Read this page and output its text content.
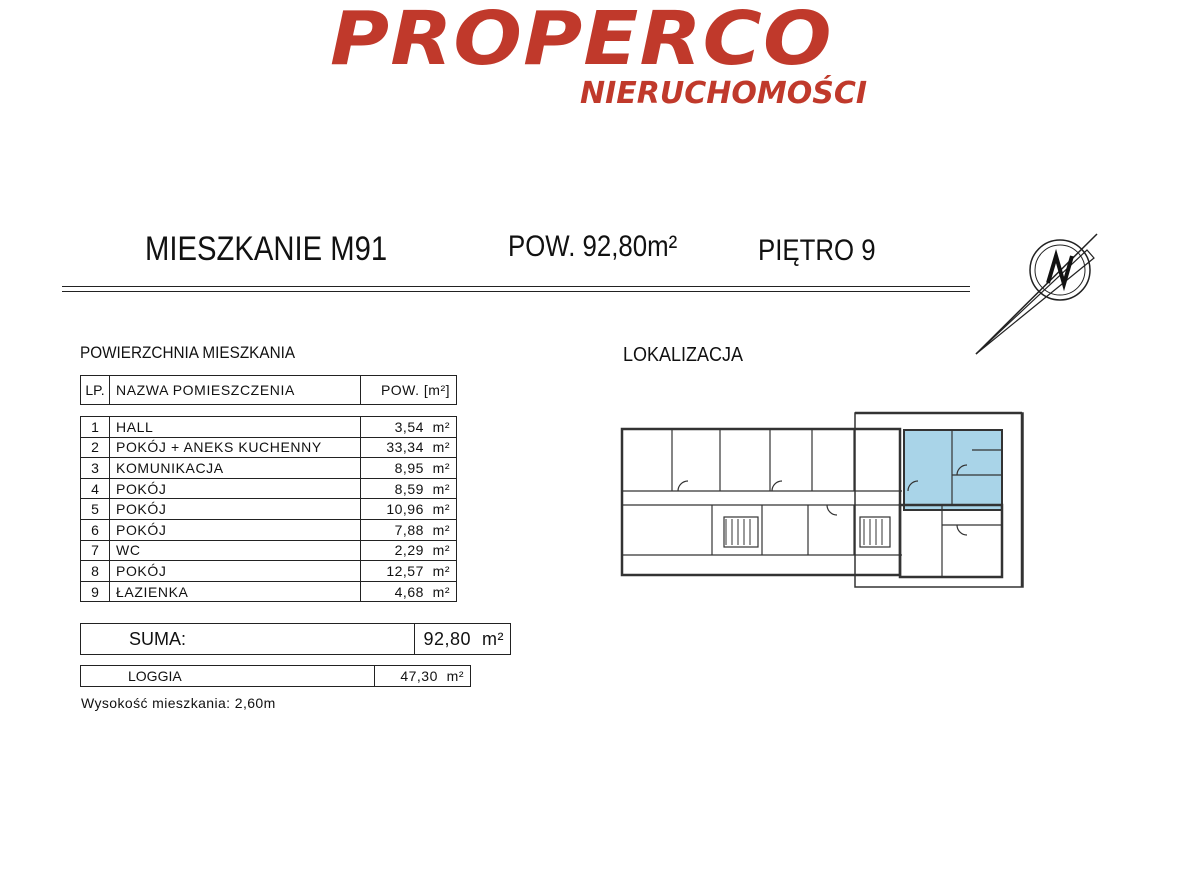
PROPERCO
NIERUCHOMOŚCI
MIESZKANIE M91	POW. 92,80m²	PIĘTRO 9
POWIERZCHNIA MIESZKANIA	LOKALIZACJA
LP.	NAZWA POMIESZCZENIA	POW. [m²]
1	HALL	3,54 m²
2	POKÓJ + ANEKS KUCHENNY	33,34 m²
3	KOMUNIKACJA	8,95 m²
4	POKÓJ	8,59 m²
5	POKÓJ	10,96 m²
6	POKÓJ	7,88 m²
7	WC	2,29 m²
8	POKÓJ	12,57 m²
9	ŁAZIENKA	4,68 m²
SUMA:	92,80 m²
LOGGIA	47,30 m²
Wysokość mieszkania: 2,60m
